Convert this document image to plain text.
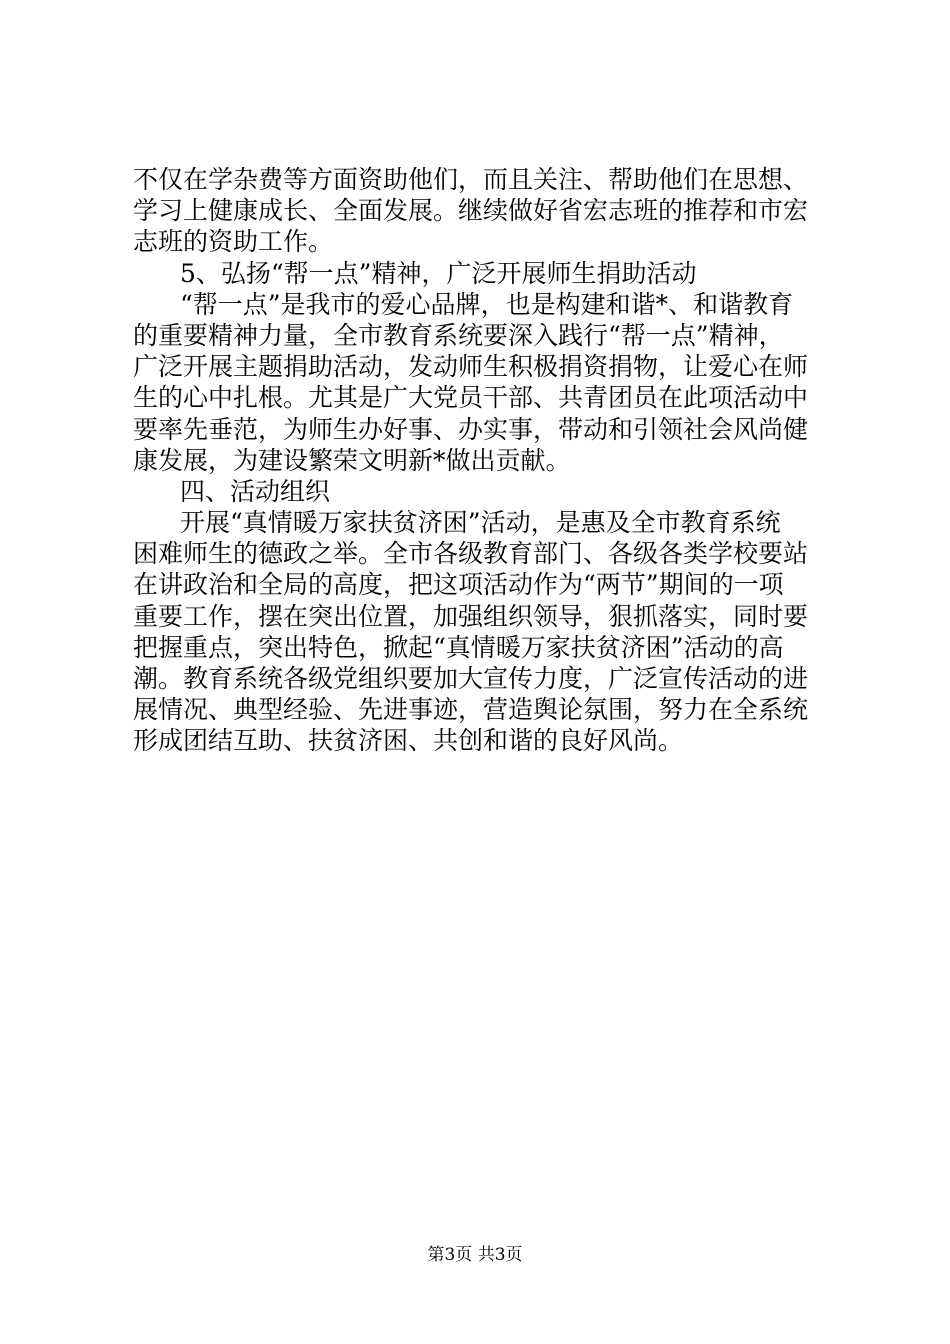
不仅在学杂费等方面资助他们，而且关注、帮助他们在思想、
学习上健康成长、全面发展。继续做好省宏志班的推荐和市宏
志班的资助工作。
5、弘扬“帮一点”精神，广泛开展师生捐助活动
“帮一点”是我市的爱心品牌，也是构建和谐*、和谐教育
的重要精神力量，全市教育系统要深入践行“帮一点”精神，
广泛开展主题捐助活动，发动师生积极捐资捐物，让爱心在师
生的心中扎根。尤其是广大党员干部、共青团员在此项活动中
要率先垂范，为师生办好事、办实事，带动和引领社会风尚健
康发展，为建设繁荣文明新*做出贡献。
四、活动组织
开展“真情暖万家扶贫济困”活动，是惠及全市教育系统
困难师生的德政之举。全市各级教育部门、各级各类学校要站
在讲政治和全局的高度，把这项活动作为“两节”期间的一项
重要工作，摆在突出位置，加强组织领导，狠抓落实，同时要
把握重点，突出特色，掀起“真情暖万家扶贫济困”活动的高
潮。教育系统各级党组织要加大宣传力度，广泛宣传活动的进
展情况、典型经验、先进事迹，营造舆论氛围，努力在全系统
形成团结互助、扶贫济困、共创和谐的良好风尚。
第3页 共3页
